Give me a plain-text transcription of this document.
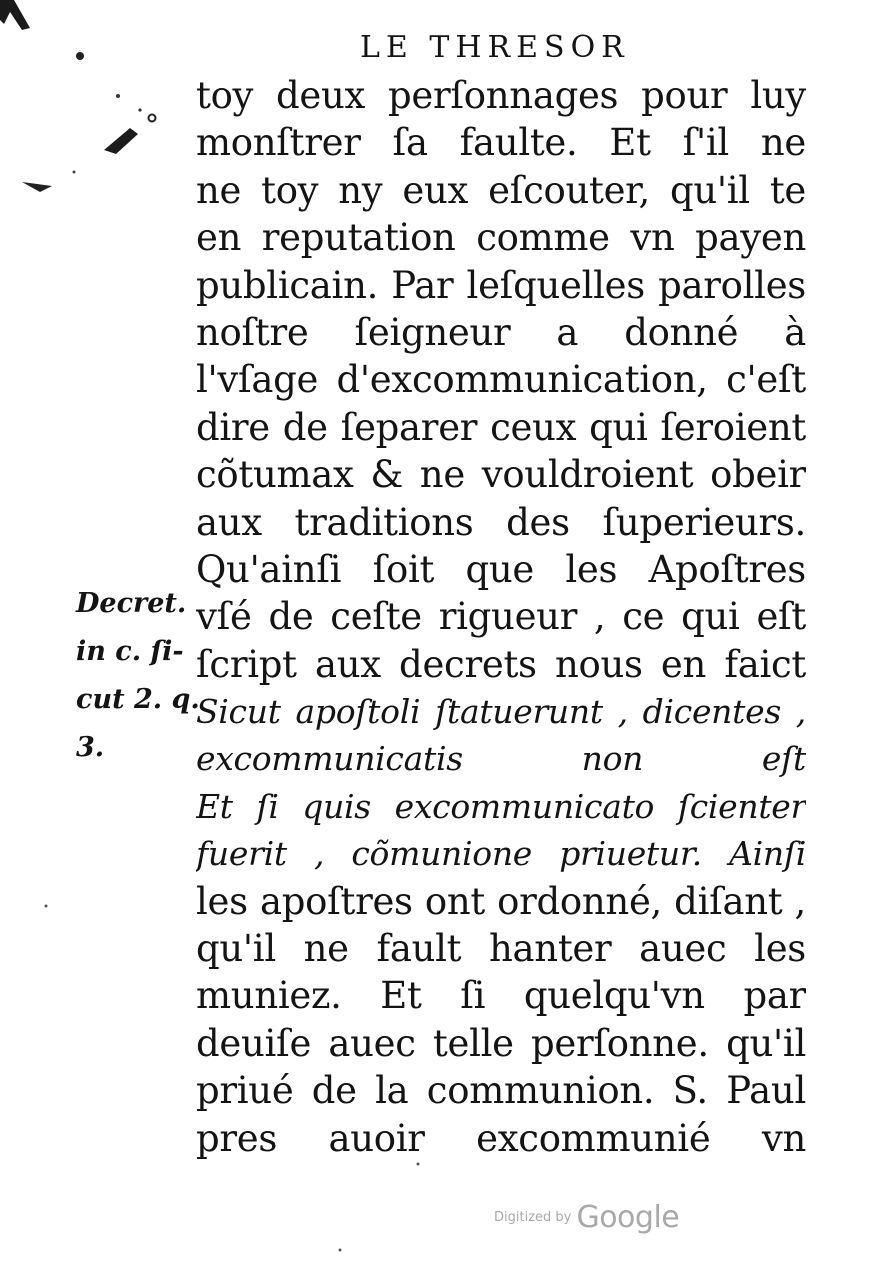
LE THRESOR
toy deux perſonnages pour luy
monſtrer ſa faulte. Et ſ'il ne
ne toy ny eux eſcouter, qu'il te
en reputation comme vn payen
publicain. Par leſquelles parolles
noſtre ſeigneur a donné à
l'vſage d'excommunication, c'eſt
dire de ſeparer ceux qui ſeroient
cõtumax & ne vouldroient obeir
aux traditions des ſuperieurs.
Qu'ainſi ſoit que les Apoſtres
vſé de ceſte rigueur , ce qui eſt
ſcript aux decrets nous en faict
Sicut apoſtoli ſtatuerunt , dicentes ,
excommunicatis non eſt
Et ſi quis excommunicato ſcienter
fuerit , cõmunione priuetur. Ainſi
les apoſtres ont ordonné, diſant ,
qu'il ne fault hanter auec les
muniez. Et ſi quelqu'vn par
deuiſe auec telle perſonne. qu'il
priué de la communion. S. Paul
pres auoir excommunié vn
Decret.
in c. ſi-
cut 2. q.
3.
Digitized by Google
